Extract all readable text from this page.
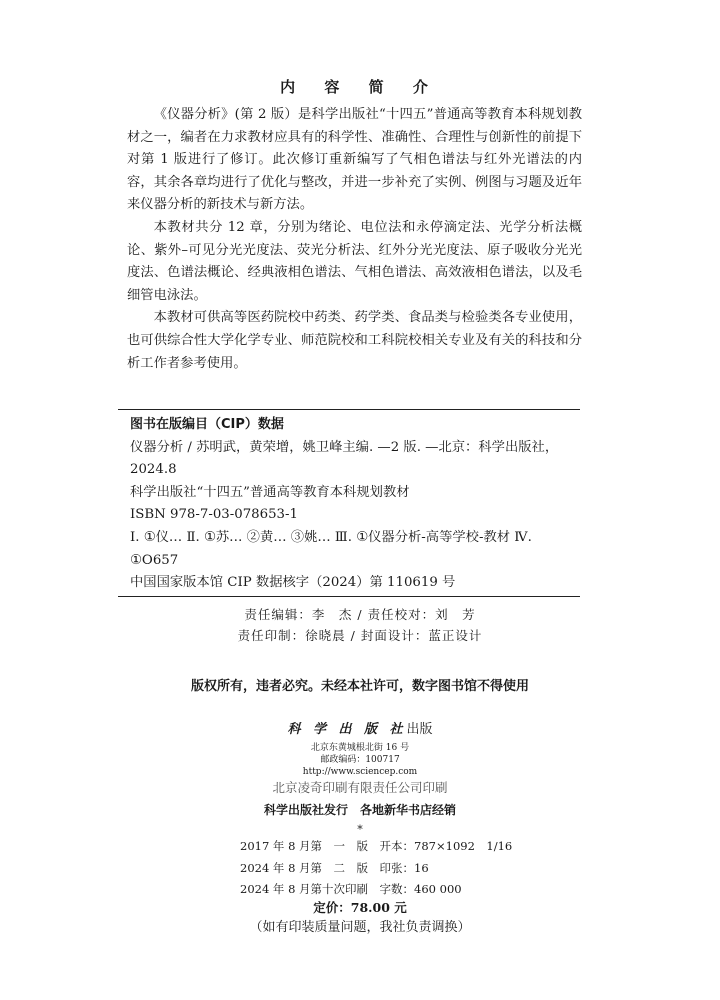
内 容 简 介

《仪器分析》(第 2 版）是科学出版社“十四五”普通高等教育本科规划教材之一，编者在力求教材应具有的科学性、准确性、合理性与创新性的前提下对第 1 版进行了修订。此次修订重新编写了气相色谱法与红外光谱法的内容，其余各章均进行了优化与整改，并进一步补充了实例、例图与习题及近年来仪器分析的新技术与新方法。

本教材共分 12 章，分别为绪论、电位法和永停滴定法、光学分析法概论、紫外–可见分光光度法、荧光分析法、红外分光光度法、原子吸收分光光度法、色谱法概论、经典液相色谱法、气相色谱法、高效液相色谱法，以及毛细管电泳法。

本教材可供高等医药院校中药类、药学类、食品类与检验类各专业使用，也可供综合性大学化学专业、师范院校和工科院校相关专业及有关的科技和分析工作者参考使用。

图书在版编目（CIP）数据

仪器分析 / 苏明武，黄荣增，姚卫峰主编. —2 版. —北京：科学出版社，2024.8

科学出版社“十四五”普通高等教育本科规划教材

ISBN 978-7-03-078653-1

Ⅰ. ①仪… Ⅱ. ①苏… ②黄… ③姚… Ⅲ. ①仪器分析-高等学校-教材 Ⅳ. ①O657

中国国家版本馆 CIP 数据核字（2024）第 110619 号

责任编辑：李　杰 / 责任校对：刘　芳
责任印制：徐晓晨 / 封面设计：蓝正设计
版权所有，违者必究。未经本社许可，数字图书馆不得使用
科 学 出 版 社出版
北京东黄城根北街 16 号
邮政编码：100717
http://www.sciencep.com
北京凌奇印刷有限责任公司印刷
科学出版社发行　各地新华书店经销
*
2017 年 8 月第　一　版　开本：787×1092　1/16
2024 年 8 月第　二　版　印张：16
2024 年 8 月第十次印刷　字数：460 000
定价：78.00 元
（如有印装质量问题，我社负责调换）
